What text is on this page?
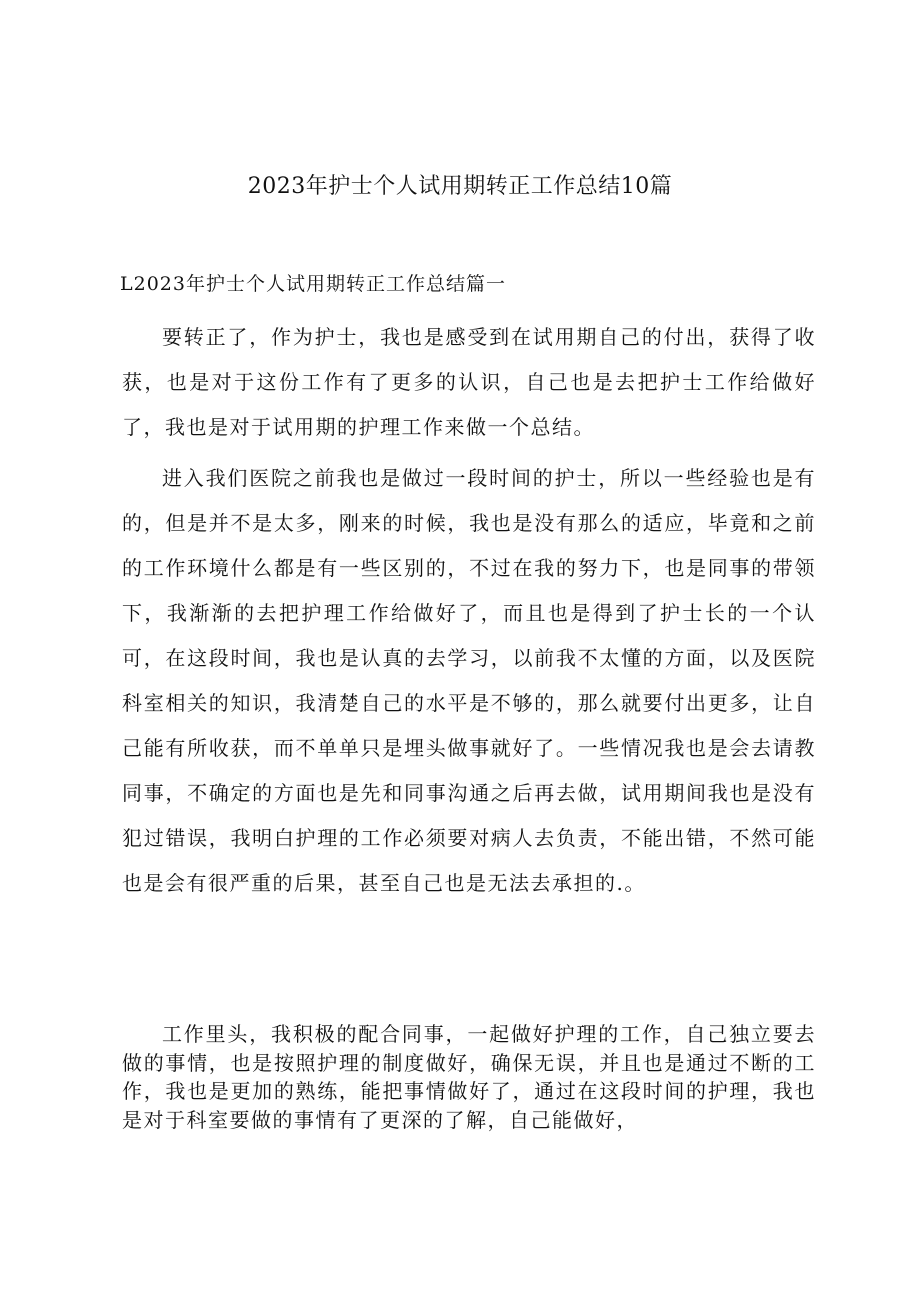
2023年护士个人试用期转正工作总结10篇
L2023年护士个人试用期转正工作总结篇一

要转正了，作为护士，我也是感受到在试用期自己的付出，获得了收获，也是对于这份工作有了更多的认识，自己也是去把护士工作给做好了，我也是对于试用期的护理工作来做一个总结。

进入我们医院之前我也是做过一段时间的护士，所以一些经验也是有的，但是并不是太多，刚来的时候，我也是没有那么的适应，毕竟和之前的工作环境什么都是有一些区别的，不过在我的努力下，也是同事的带领下，我渐渐的去把护理工作给做好了，而且也是得到了护士长的一个认可，在这段时间，我也是认真的去学习，以前我不太懂的方面，以及医院科室相关的知识，我清楚自己的水平是不够的，那么就要付出更多，让自己能有所收获，而不单单只是埋头做事就好了。一些情况我也是会去请教同事，不确定的方面也是先和同事沟通之后再去做，试用期间我也是没有犯过错误，我明白护理的工作必须要对病人去负责，不能出错，不然可能也是会有很严重的后果，甚至自己也是无法去承担的.。

工作里头，我积极的配合同事，一起做好护理的工作，自己独立要去做的事情，也是按照护理的制度做好，确保无误，并且也是通过不断的工作，我也是更加的熟练，能把事情做好了，通过在这段时间的护理，我也是对于科室要做的事情有了更深的了解，自己能做好，
